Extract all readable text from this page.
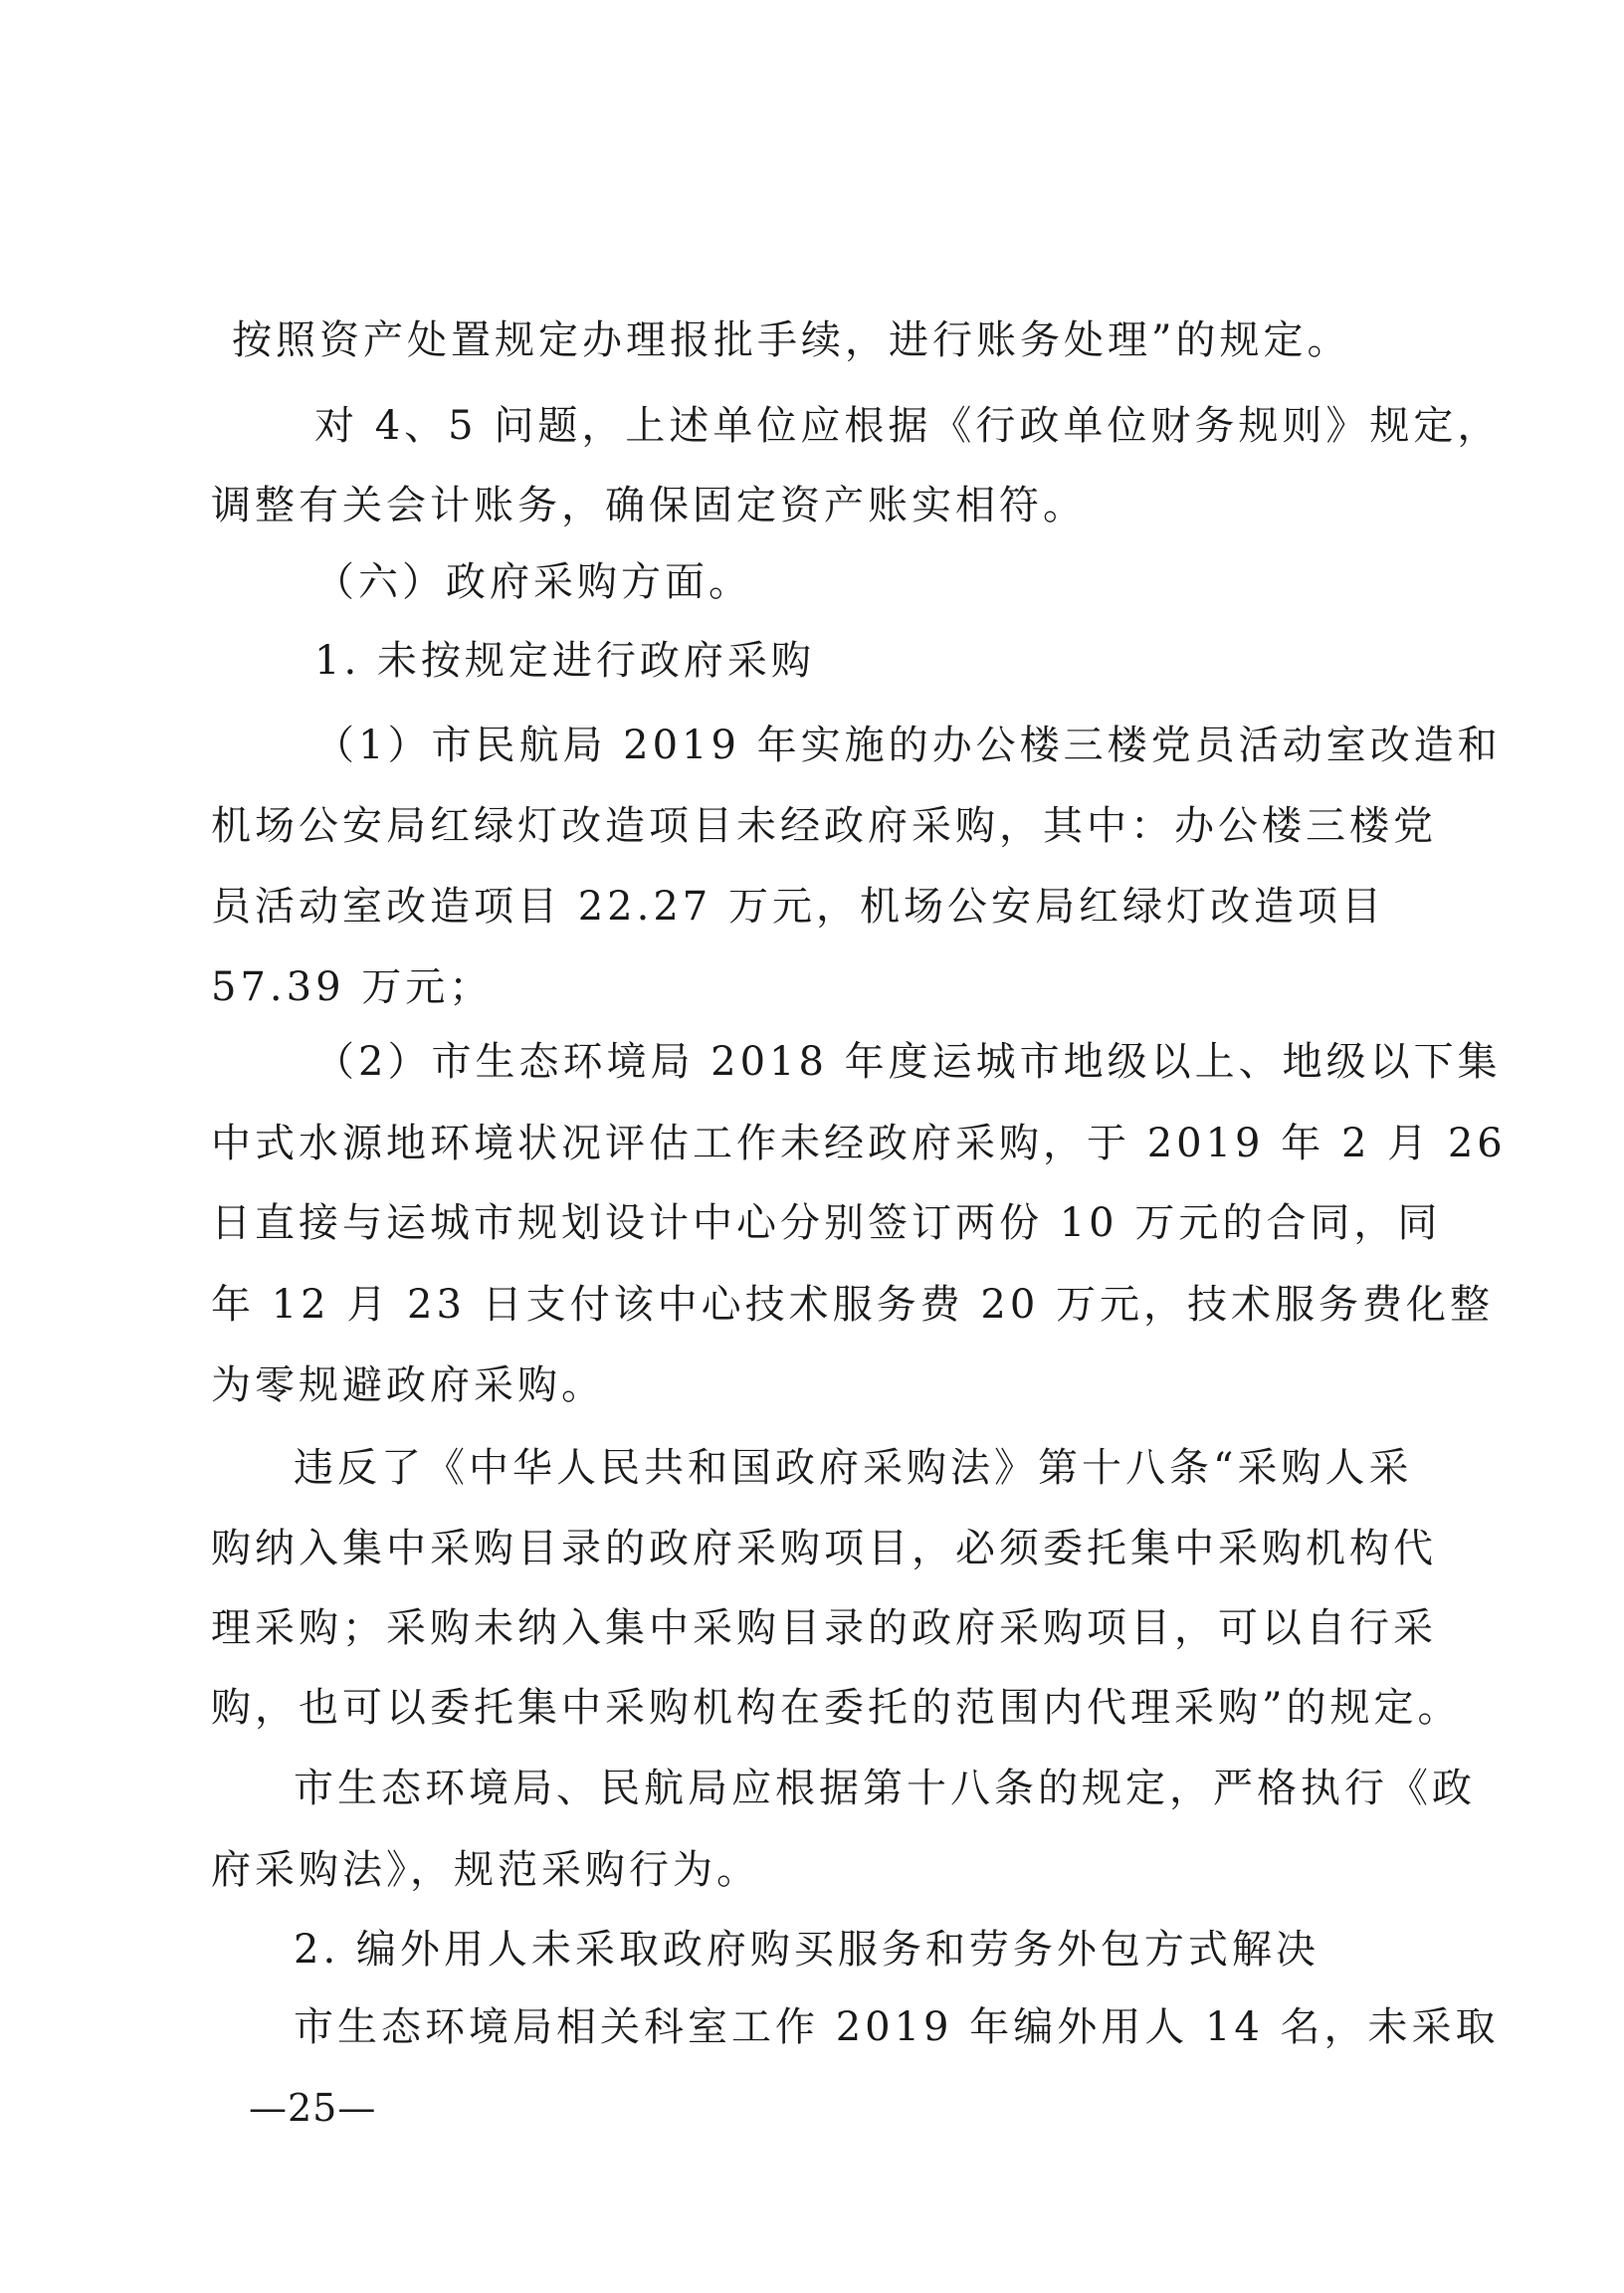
按照资产处置规定办理报批手续，进行账务处理”的规定。
对 4、5 问题，上述单位应根据《行政单位财务规则》规定，
调整有关会计账务，确保固定资产账实相符。
（六）政府采购方面。
1. 未按规定进行政府采购
（1）市民航局 2019 年实施的办公楼三楼党员活动室改造和
机场公安局红绿灯改造项目未经政府采购，其中：办公楼三楼党
员活动室改造项目 22.27 万元，机场公安局红绿灯改造项目
57.39 万元；
（2）市生态环境局 2018 年度运城市地级以上、地级以下集
中式水源地环境状况评估工作未经政府采购，于 2019 年 2 月 26
日直接与运城市规划设计中心分别签订两份 10 万元的合同，同
年 12 月 23 日支付该中心技术服务费 20 万元，技术服务费化整
为零规避政府采购。
违反了《中华人民共和国政府采购法》第十八条“采购人采
购纳入集中采购目录的政府采购项目，必须委托集中采购机构代
理采购；采购未纳入集中采购目录的政府采购项目，可以自行采
购，也可以委托集中采购机构在委托的范围内代理采购”的规定。
市生态环境局、民航局应根据第十八条的规定，严格执行《政
府采购法》，规范采购行为。
2. 编外用人未采取政府购买服务和劳务外包方式解决
市生态环境局相关科室工作 2019 年编外用人 14 名，未采取
—25—
